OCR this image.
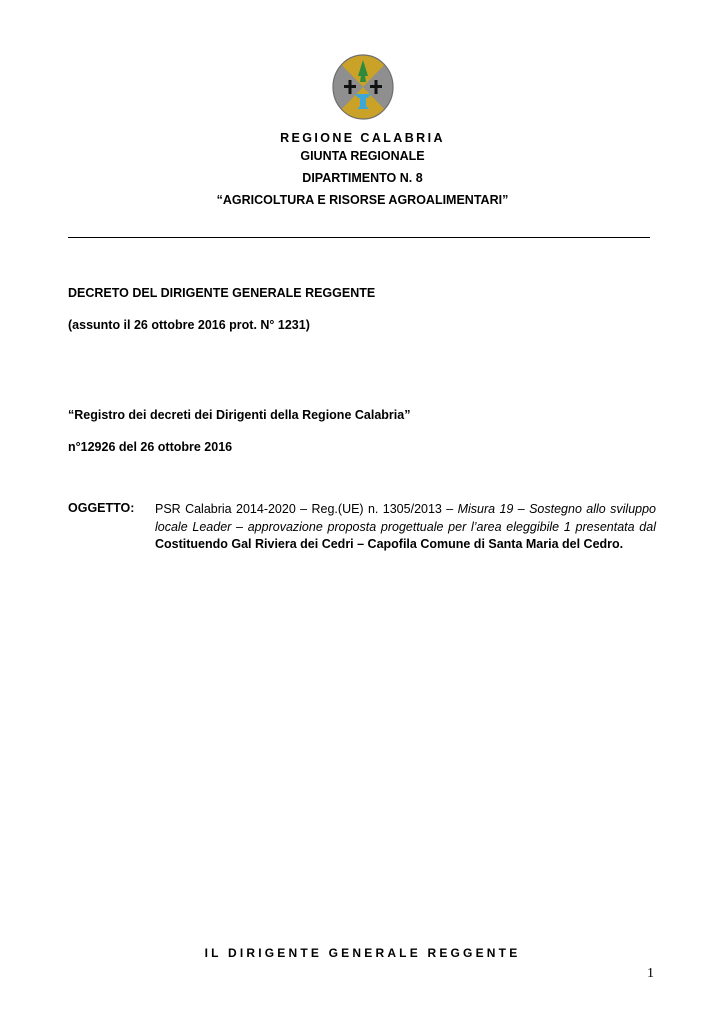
REGIONE CALABRIA
GIUNTA REGIONALE
DIPARTIMENTO N. 8
“AGRICOLTURA E RISORSE AGROALIMENTARI”
DECRETO DEL DIRIGENTE GENERALE REGGENTE
(assunto il 26 ottobre 2016 prot. N° 1231)
“Registro dei decreti dei Dirigenti della Regione Calabria”
n°12926 del 26 ottobre 2016
OGGETTO: PSR Calabria 2014-2020 – Reg.(UE) n. 1305/2013 – Misura 19 – Sostegno allo sviluppo locale Leader – approvazione proposta progettuale per l’area eleggibile 1 presentata dal Costituendo Gal Riviera dei Cedri – Capofila Comune di Santa Maria del Cedro.
IL DIRIGENTE GENERALE REGGENTE
1
